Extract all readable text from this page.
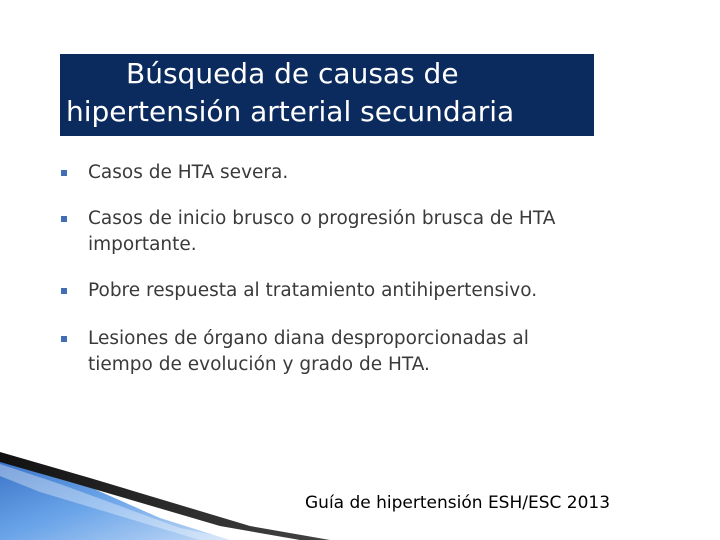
Búsqueda de causas de
hipertensión arterial secundaria
Casos de HTA severa.
Casos de inicio brusco o progresión brusca de HTA
importante.
Pobre respuesta al tratamiento antihipertensivo.
Lesiones de órgano diana desproporcionadas al
tiempo de evolución y grado de HTA.
Guía de hipertensión ESH/ESC 2013
